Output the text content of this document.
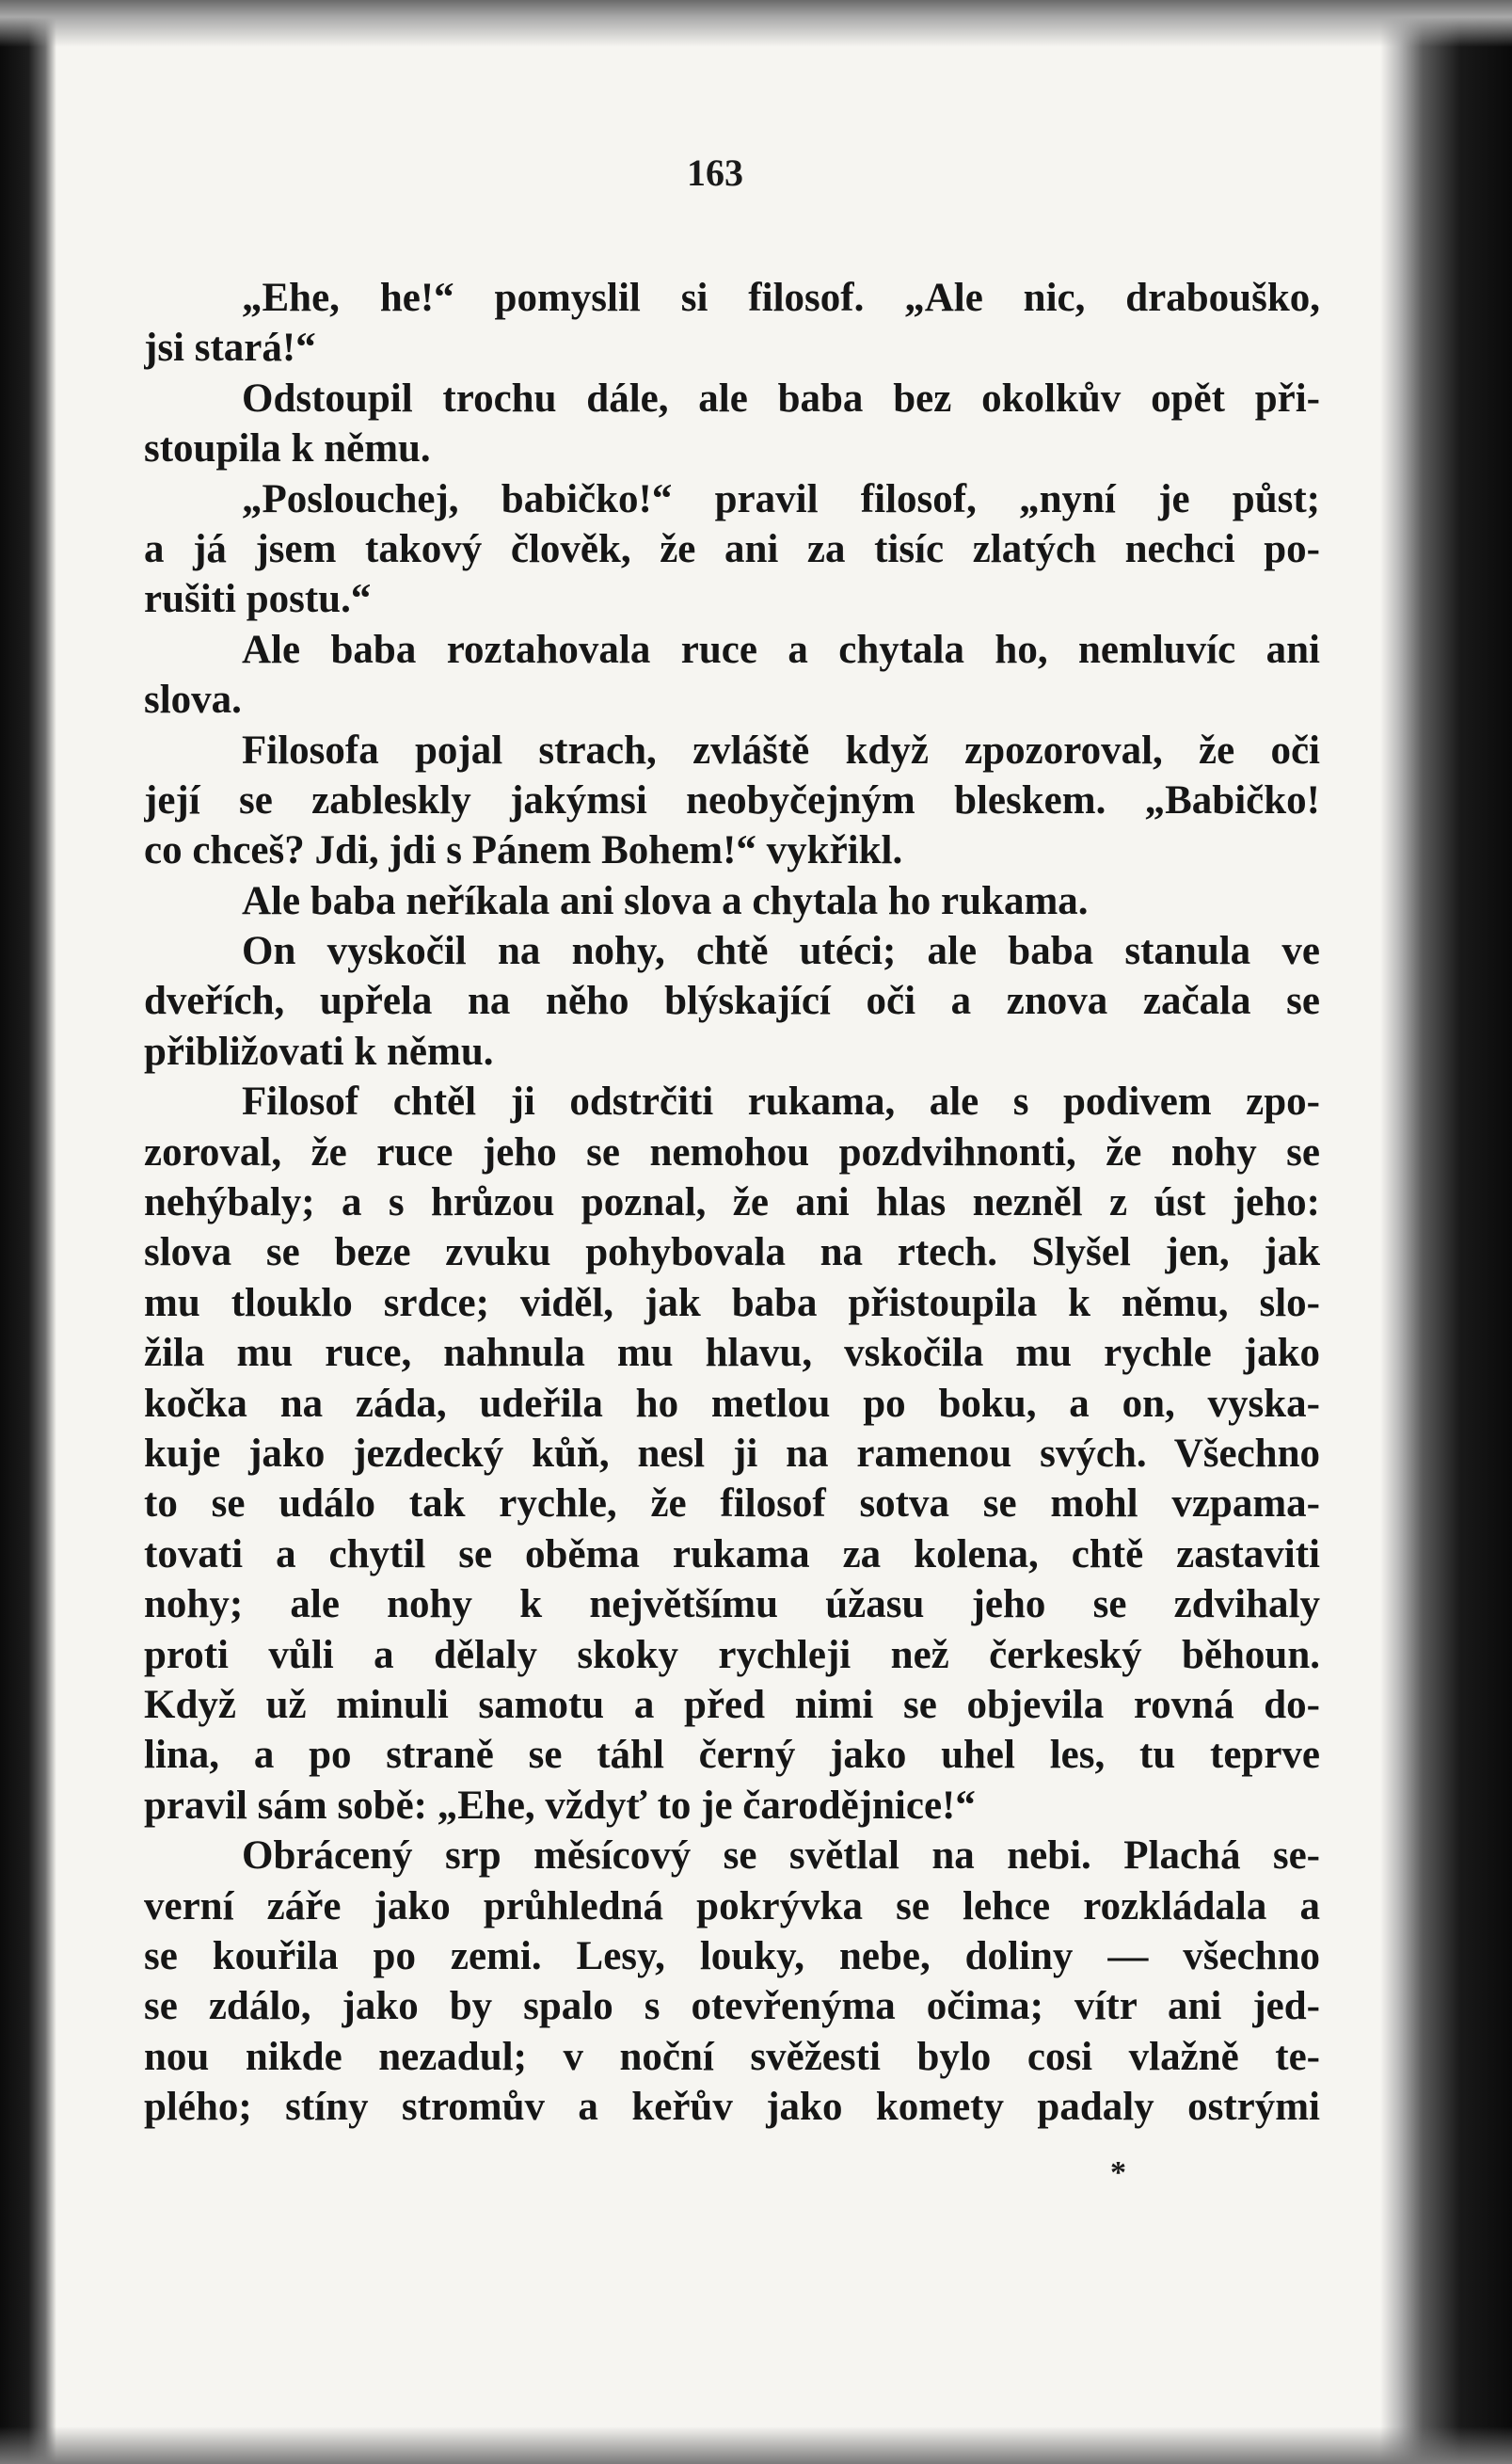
163
„Ehe, he!“ pomyslil si filosof. „Ale nic, drabouško,
jsi stará!“
Odstoupil trochu dále, ale baba bez okolkův opět při-
stoupila k němu.
„Poslouchej, babičko!“ pravil filosof, „nyní je půst;
a já jsem takový člověk, že ani za tisíc zlatých nechci po-
rušiti postu.“
Ale baba roztahovala ruce a chytala ho, nemluvíc ani
slova.
Filosofa pojal strach, zvláště když zpozoroval, že oči
její se zableskly jakýmsi neobyčejným bleskem. „Babičko!
co chceš? Jdi, jdi s Pánem Bohem!“ vykřikl.
Ale baba neříkala ani slova a chytala ho rukama.
On vyskočil na nohy, chtě utéci; ale baba stanula ve
dveřích, upřela na něho blýskající oči a znova začala se
přibližovati k němu.
Filosof chtěl ji odstrčiti rukama, ale s podivem zpo-
zoroval, že ruce jeho se nemohou pozdvihnonti, že nohy se
nehýbaly; a s hrůzou poznal, že ani hlas nezněl z úst jeho:
slova se beze zvuku pohybovala na rtech. Slyšel jen, jak
mu tlouklo srdce; viděl, jak baba přistoupila k němu, slo-
žila mu ruce, nahnula mu hlavu, vskočila mu rychle jako
kočka na záda, udeřila ho metlou po boku, a on, vyska-
kuje jako jezdecký kůň, nesl ji na ramenou svých. Všechno
to se událo tak rychle, že filosof sotva se mohl vzpama-
tovati a chytil se oběma rukama za kolena, chtě zastaviti
nohy; ale nohy k největšímu úžasu jeho se zdvihaly
proti vůli a dělaly skoky rychleji než čerkeský běhoun.
Když už minuli samotu a před nimi se objevila rovná do-
lina, a po straně se táhl černý jako uhel les, tu teprve
pravil sám sobě: „Ehe, vždyť to je čarodějnice!“
Obrácený srp měsícový se světlal na nebi. Plachá se-
verní záře jako průhledná pokrývka se lehce rozkládala a
se kouřila po zemi. Lesy, louky, nebe, doliny — všechno
se zdálo, jako by spalo s otevřenýma očima; vítr ani jed-
nou nikde nezadul; v noční svěžesti bylo cosi vlažně te-
plého; stíny stromův a keřův jako komety padaly ostrými
*
